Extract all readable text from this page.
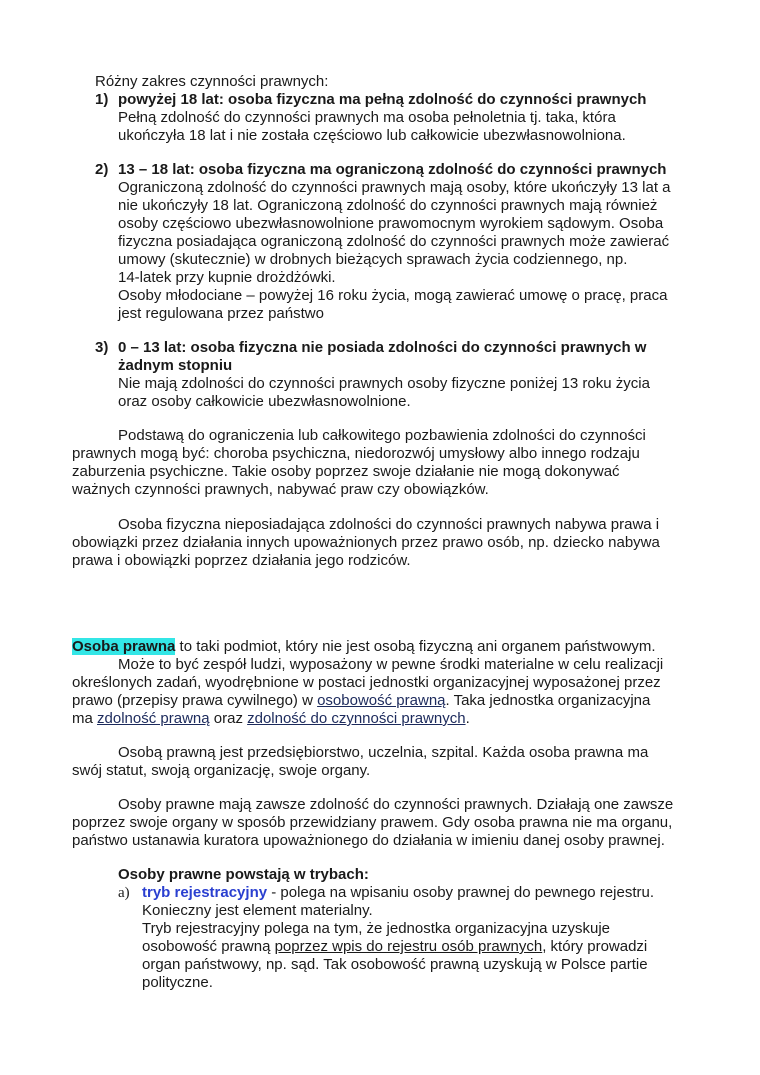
Różny zakres czynności prawnych:
1) powyżej 18 lat: osoba fizyczna ma pełną zdolność do czynności prawnych
Pełną zdolność do czynności prawnych ma osoba pełnoletnia tj. taka, która
ukończyła 18 lat i nie została częściowo lub całkowicie ubezwłasnowolniona.
2) 13 – 18 lat: osoba fizyczna ma ograniczoną zdolność do czynności prawnych
Ograniczoną zdolność do czynności prawnych mają osoby, które ukończyły 13 lat a
nie ukończyły 18 lat. Ograniczoną zdolność do czynności prawnych mają również
osoby częściowo ubezwłasnowolnione prawomocnym wyrokiem sądowym. Osoba
fizyczna posiadająca ograniczoną zdolność do czynności prawnych może zawierać
umowy (skutecznie) w drobnych bieżących sprawach życia codziennego, np.
14-latek przy kupnie drożdżówki.
Osoby młodociane – powyżej 16 roku życia, mogą zawierać umowę o pracę, praca
jest regulowana przez państwo
3) 0 – 13 lat: osoba fizyczna nie posiada zdolności do czynności prawnych w
żadnym stopniu
Nie mają zdolności do czynności prawnych osoby fizyczne poniżej 13 roku życia
oraz osoby całkowicie ubezwłasnowolnione.
Podstawą do ograniczenia lub całkowitego pozbawienia zdolności do czynności
prawnych mogą być: choroba psychiczna, niedorozwój umysłowy albo innego rodzaju
zaburzenia psychiczne. Takie osoby poprzez swoje działanie nie mogą dokonywać
ważnych czynności prawnych, nabywać praw czy obowiązków.
Osoba fizyczna nieposiadająca zdolności do czynności prawnych nabywa prawa i
obowiązki przez działania innych upoważnionych przez prawo osób, np. dziecko nabywa
prawa i obowiązki poprzez działania jego rodziców.
Osoba prawna to taki podmiot, który nie jest osobą fizyczną ani organem państwowym.
Może to być zespół ludzi, wyposażony w pewne środki materialne w celu realizacji
określonych zadań, wyodrębnione w postaci jednostki organizacyjnej wyposażonej przez
prawo (przepisy prawa cywilnego) w osobowość prawną. Taka jednostka organizacyjna
ma zdolność prawną oraz zdolność do czynności prawnych.
Osobą prawną jest przedsiębiorstwo, uczelnia, szpital. Każda osoba prawna ma
swój statut, swoją organizację, swoje organy.
Osoby prawne mają zawsze zdolność do czynności prawnych. Działają one zawsze
poprzez swoje organy w sposób przewidziany prawem. Gdy osoba prawna nie ma organu,
państwo ustanawia kuratora upoważnionego do działania w imieniu danej osoby prawnej.
Osoby prawne powstają w trybach:
a) tryb rejestracyjny - polega na wpisaniu osoby prawnej do pewnego rejestru.
Konieczny jest element materialny.
Tryb rejestracyjny polega na tym, że jednostka organizacyjna uzyskuje
osobowość prawną poprzez wpis do rejestru osób prawnych, który prowadzi
organ państwowy, np. sąd. Tak osobowość prawną uzyskują w Polsce partie
polityczne.
